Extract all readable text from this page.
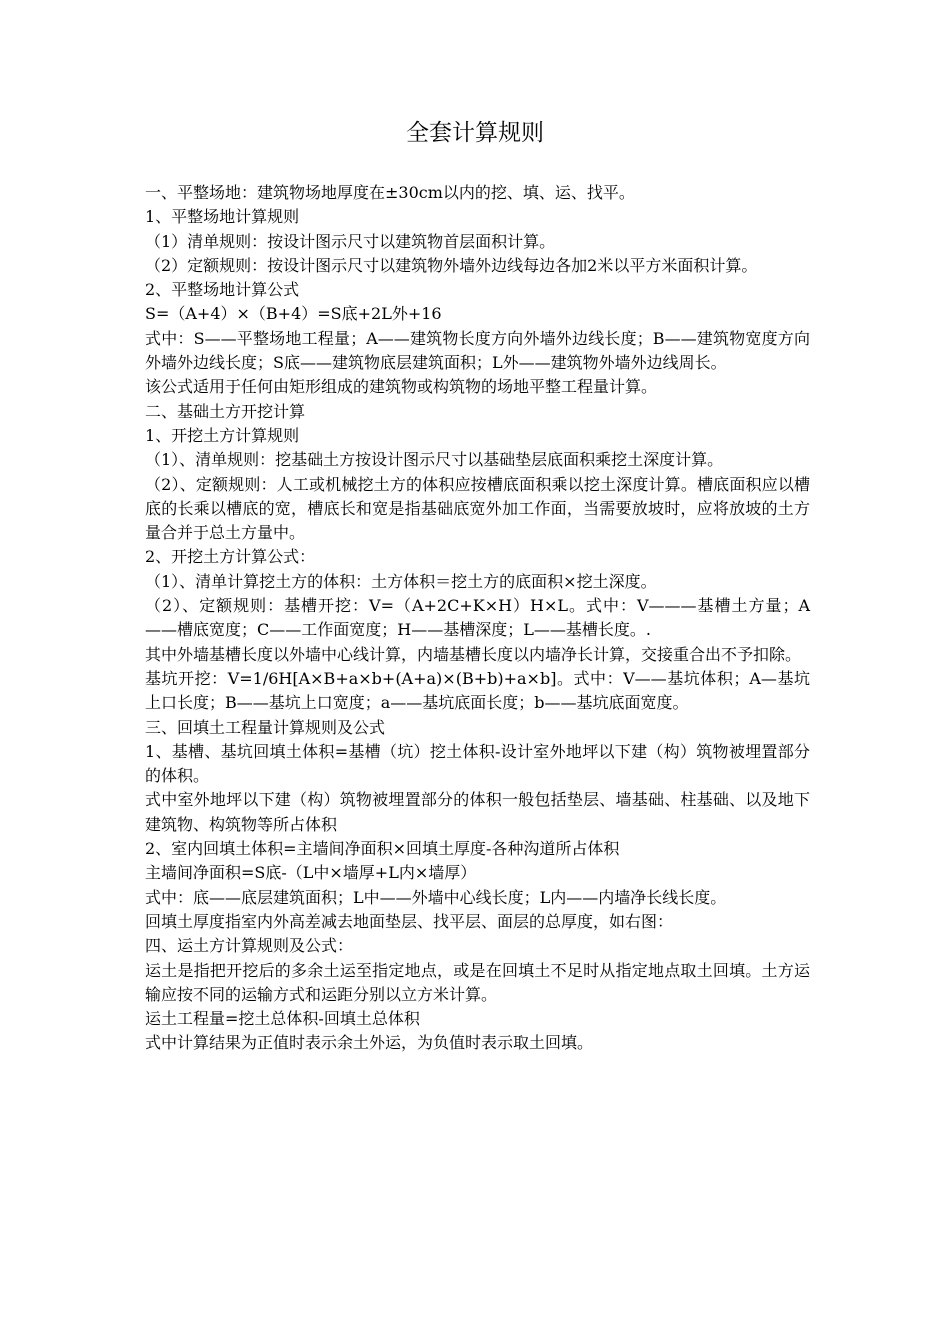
全套计算规则

一、平整场地：建筑物场地厚度在±30cm以内的挖、填、运、找平。

1、平整场地计算规则

（1）清单规则：按设计图示尺寸以建筑物首层面积计算。

（2）定额规则：按设计图示尺寸以建筑物外墙外边线每边各加2米以平方米面积计算。

2、平整场地计算公式

S=（A+4）×（B+4）=S底+2L外+16

式中：S——平整场地工程量；A——建筑物长度方向外墙外边线长度；B——建筑物宽度方向外墙外边线长度；S底——建筑物底层建筑面积；L外——建筑物外墙外边线周长。

该公式适用于任何由矩形组成的建筑物或构筑物的场地平整工程量计算。

二、基础土方开挖计算

1、开挖土方计算规则

（1）、清单规则：挖基础土方按设计图示尺寸以基础垫层底面积乘挖土深度计算。

（2）、定额规则：人工或机械挖土方的体积应按槽底面积乘以挖土深度计算。槽底面积应以槽底的长乘以槽底的宽，槽底长和宽是指基础底宽外加工作面，当需要放坡时，应将放坡的土方量合并于总土方量中。

2、开挖土方计算公式：

（1）、清单计算挖土方的体积：土方体积＝挖土方的底面积×挖土深度。

（2）、定额规则：基槽开挖：V=（A+2C+K×H）H×L。式中：V———基槽土方量；A——槽底宽度；C——工作面宽度；H——基槽深度；L——基槽长度。.

其中外墙基槽长度以外墙中心线计算，内墙基槽长度以内墙净长计算，交接重合出不予扣除。

基坑开挖：V=1/6H[A×B+a×b+(A+a)×(B+b)+a×b]。式中：V——基坑体积；A—基坑上口长度；B——基坑上口宽度；a——基坑底面长度；b——基坑底面宽度。

三、回填土工程量计算规则及公式

1、基槽、基坑回填土体积=基槽（坑）挖土体积-设计室外地坪以下建（构）筑物被埋置部分的体积。

式中室外地坪以下建（构）筑物被埋置部分的体积一般包括垫层、墙基础、柱基础、以及地下建筑物、构筑物等所占体积

2、室内回填土体积=主墙间净面积×回填土厚度-各种沟道所占体积

主墙间净面积=S底-（L中×墙厚+L内×墙厚）

式中：底——底层建筑面积；L中——外墙中心线长度；L内——内墙净长线长度。

回填土厚度指室内外高差减去地面垫层、找平层、面层的总厚度，如右图：

四、运土方计算规则及公式：

运土是指把开挖后的多余土运至指定地点，或是在回填土不足时从指定地点取土回填。土方运输应按不同的运输方式和运距分别以立方米计算。

运土工程量=挖土总体积-回填土总体积

式中计算结果为正值时表示余土外运，为负值时表示取土回填。
